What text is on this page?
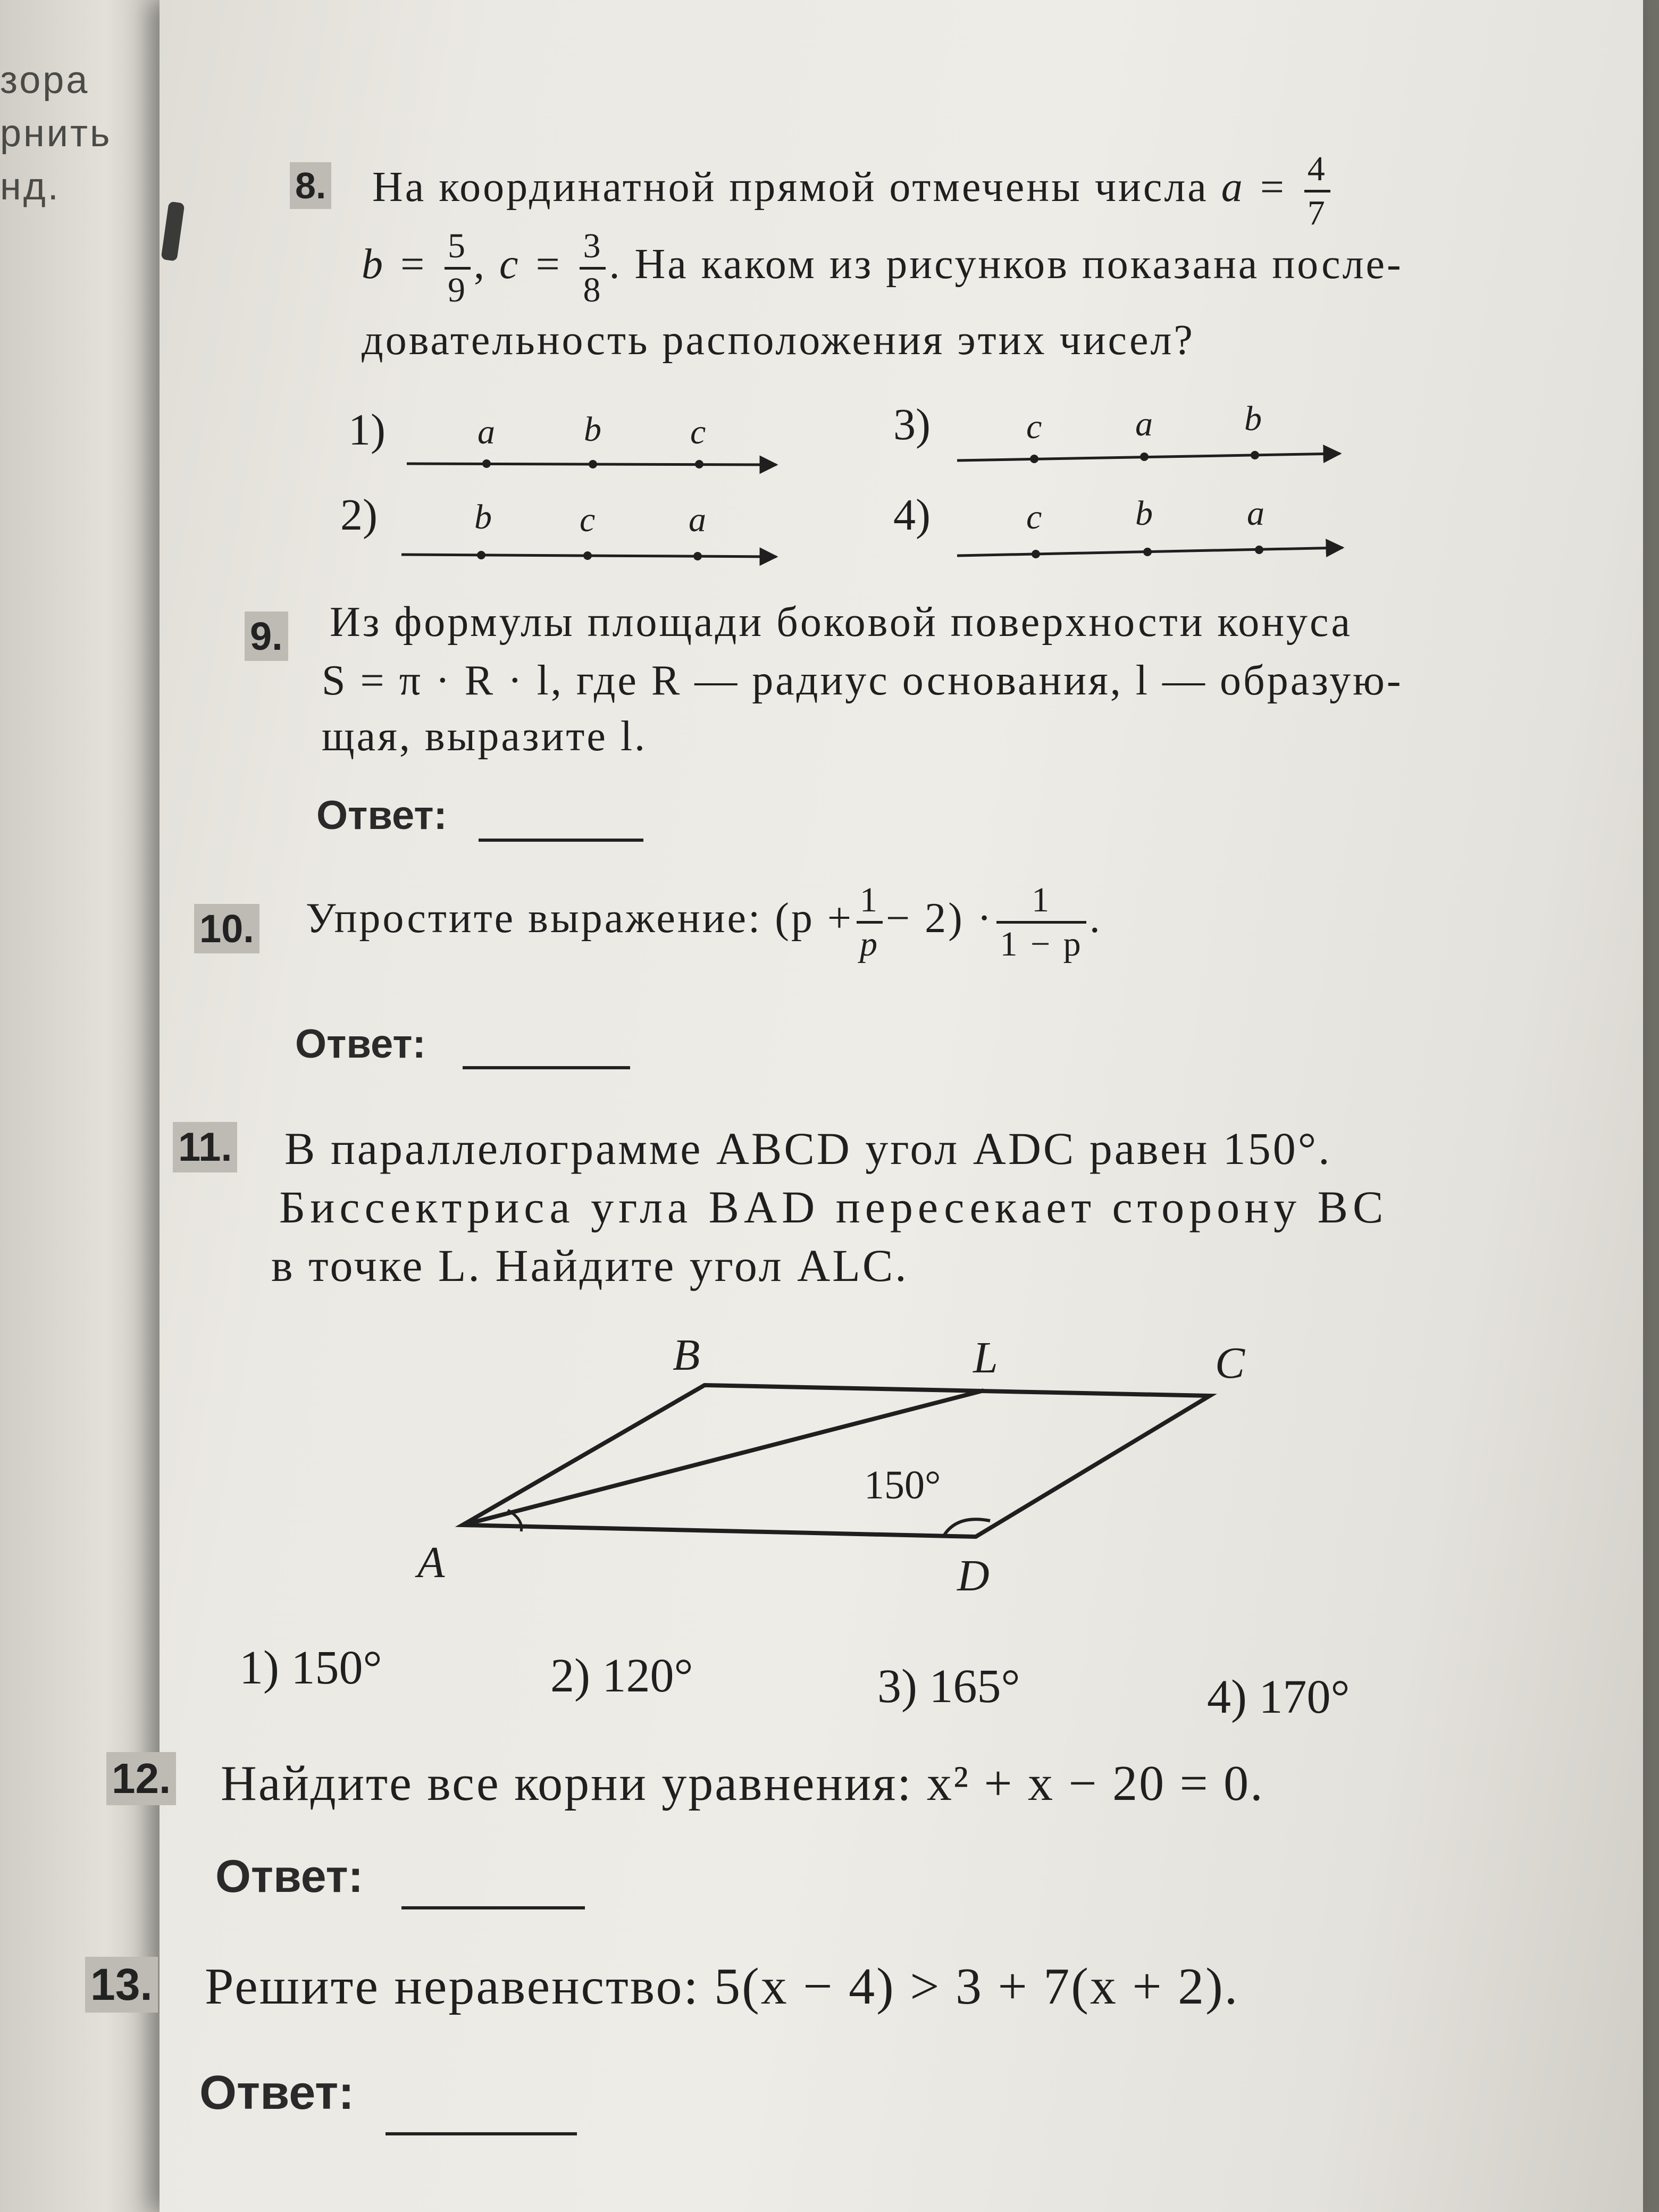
зора
рнить
нд.	8. На координатной прямой отмечены числа $a = \frac{4}{7}$
$b = \frac{5}{9}$ , $c = \frac{3}{8}$ . На каком из рисунков показана после-
довательность расположения этих чисел?
1)
2)
3)
4)
a	b	c
b	c	a
c	a	b
c	b	a
9. Из формулы площади боковой поверхности конуса
S = π · R · l, где R — радиус основания, l — образую-
щая, выразите l.
Ответ:
10. Упростите выражение: $(p + \frac{1}{p} - 2) \cdot \frac{1}{1 - p}$ .
Ответ:
11. В параллелограмме ABCD угол ADC равен 150°.
Биссектриса угла BAD пересекает сторону BC
в точке L. Найдите угол ALC.
B	L	C
A	D
150°
1) 150°	2) 120°	3) 165°	4) 170°
12. Найдите все корни уравнения: x² + x − 20 = 0.
Ответ:
13. Решите неравенство: 5(x − 4) > 3 + 7(x + 2).
Ответ:
